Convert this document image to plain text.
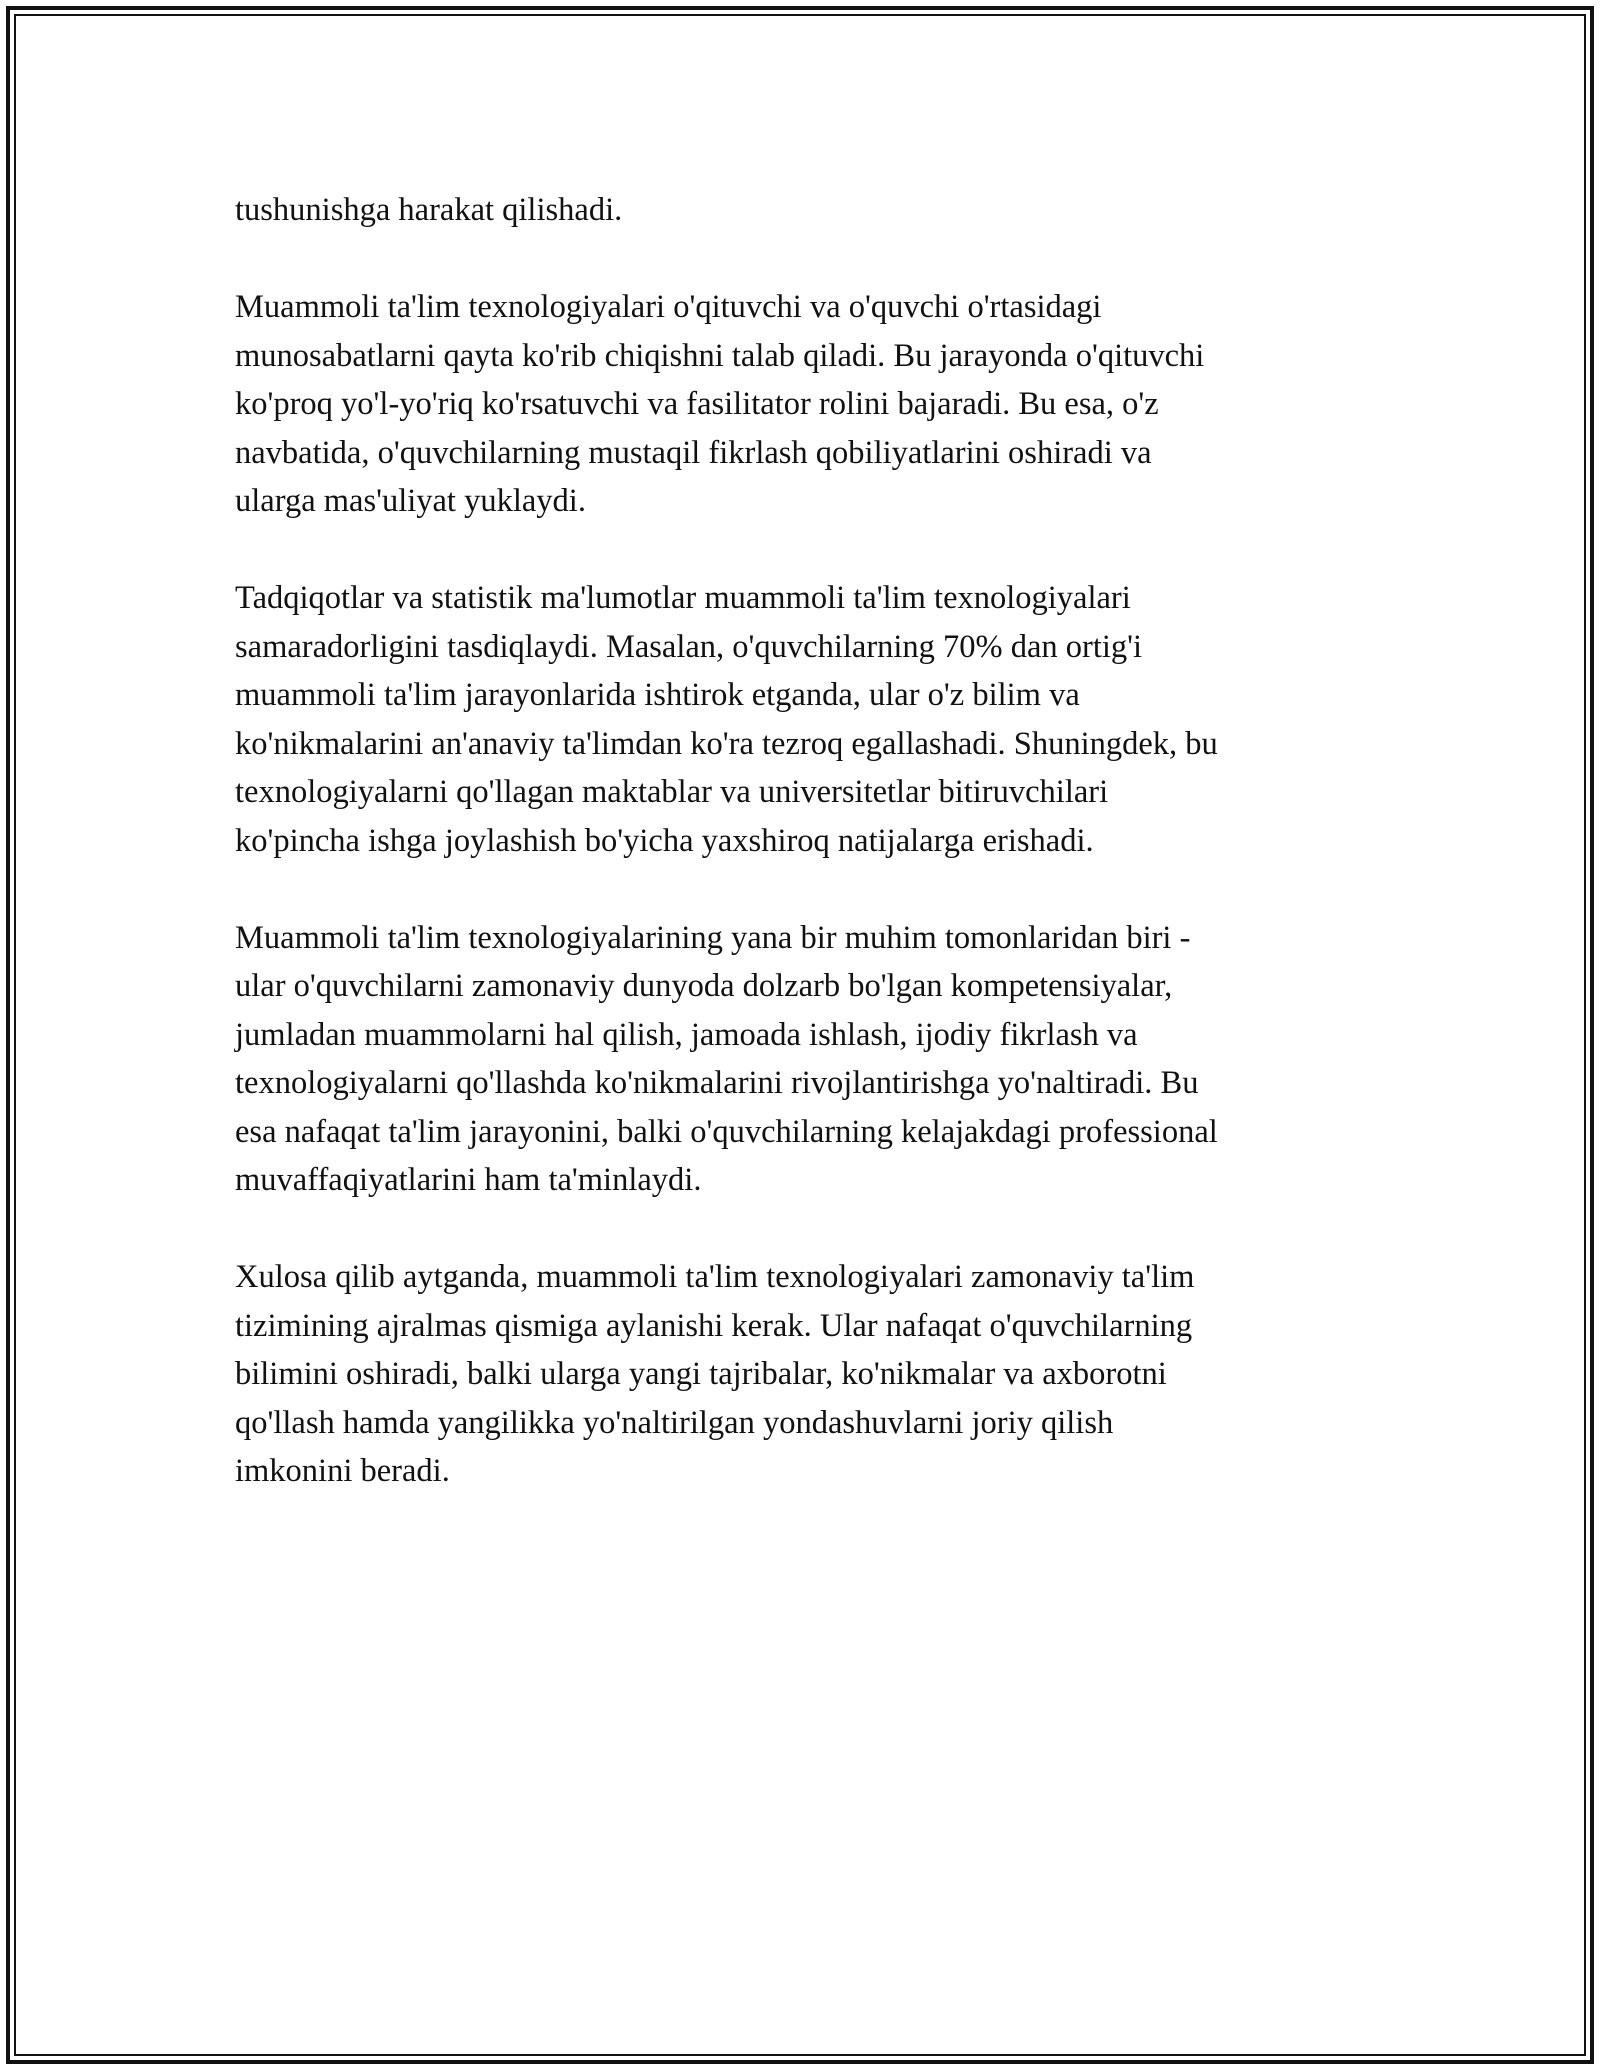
tushunishga harakat qilishadi.

Muammoli ta'lim texnologiyalari o'qituvchi va o'quvchi o'rtasidagi
munosabatlarni qayta ko'rib chiqishni talab qiladi. Bu jarayonda o'qituvchi
ko'proq yo'l-yo'riq ko'rsatuvchi va fasilitator rolini bajaradi. Bu esa, o'z
navbatida, o'quvchilarning mustaqil fikrlash qobiliyatlarini oshiradi va
ularga mas'uliyat yuklaydi.

Tadqiqotlar va statistik ma'lumotlar muammoli ta'lim texnologiyalari
samaradorligini tasdiqlaydi. Masalan, o'quvchilarning 70% dan ortig'i
muammoli ta'lim jarayonlarida ishtirok etganda, ular o'z bilim va
ko'nikmalarini an'anaviy ta'limdan ko'ra tezroq egallashadi. Shuningdek, bu
texnologiyalarni qo'llagan maktablar va universitetlar bitiruvchilari
ko'pincha ishga joylashish bo'yicha yaxshiroq natijalarga erishadi.

Muammoli ta'lim texnologiyalarining yana bir muhim tomonlaridan biri -
ular o'quvchilarni zamonaviy dunyoda dolzarb bo'lgan kompetensiyalar,
jumladan muammolarni hal qilish, jamoada ishlash, ijodiy fikrlash va
texnologiyalarni qo'llashda ko'nikmalarini rivojlantirishga yo'naltiradi. Bu
esa nafaqat ta'lim jarayonini, balki o'quvchilarning kelajakdagi professional
muvaffaqiyatlarini ham ta'minlaydi.

Xulosa qilib aytganda, muammoli ta'lim texnologiyalari zamonaviy ta'lim
tizimining ajralmas qismiga aylanishi kerak. Ular nafaqat o'quvchilarning
bilimini oshiradi, balki ularga yangi tajribalar, ko'nikmalar va axborotni
qo'llash hamda yangilikka yo'naltirilgan yondashuvlarni joriy qilish
imkonini beradi.
